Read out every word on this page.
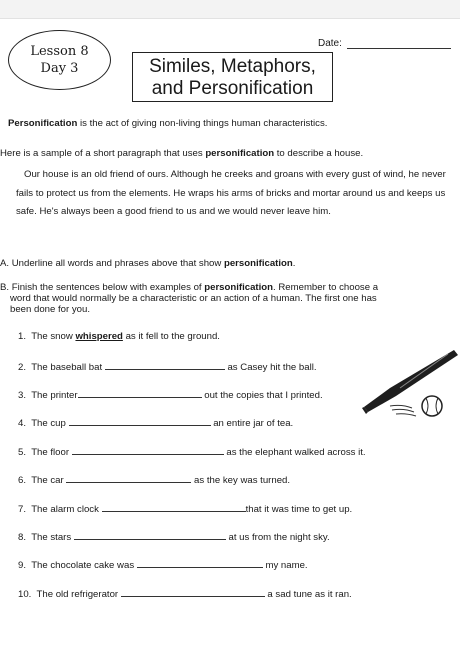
Lesson 8
Day 3
Date:
Similes, Metaphors,
and Personification
Personification is the act of giving non-living things human characteristics.
Here is a sample of a short paragraph that uses personification to describe a house.
Our house is an old friend of ours. Although he creeks and groans with every gust of wind, he never fails to protect us from the elements. He wraps his arms of bricks and mortar around us and keeps us safe. He's always been a good friend to us and we would never leave him.
A. Underline all words and phrases above that show personification.
B. Finish the sentences below with examples of personification. Remember to choose a
word that would normally be a characteristic or an action of a human. The first one has
been done for you.
1. The snow whispered as it fell to the ground.
2. The baseball bat	as Casey hit the ball.
3. The printer	out the copies that I printed.
4. The cup	an entire jar of tea.
5. The floor	as the elephant walked across it.
6. The car	as the key was turned.
7. The alarm clock	that it was time to get up.
8. The stars	at us from the night sky.
9. The chocolate cake was	my name.
10. The old refrigerator	a sad tune as it ran.
